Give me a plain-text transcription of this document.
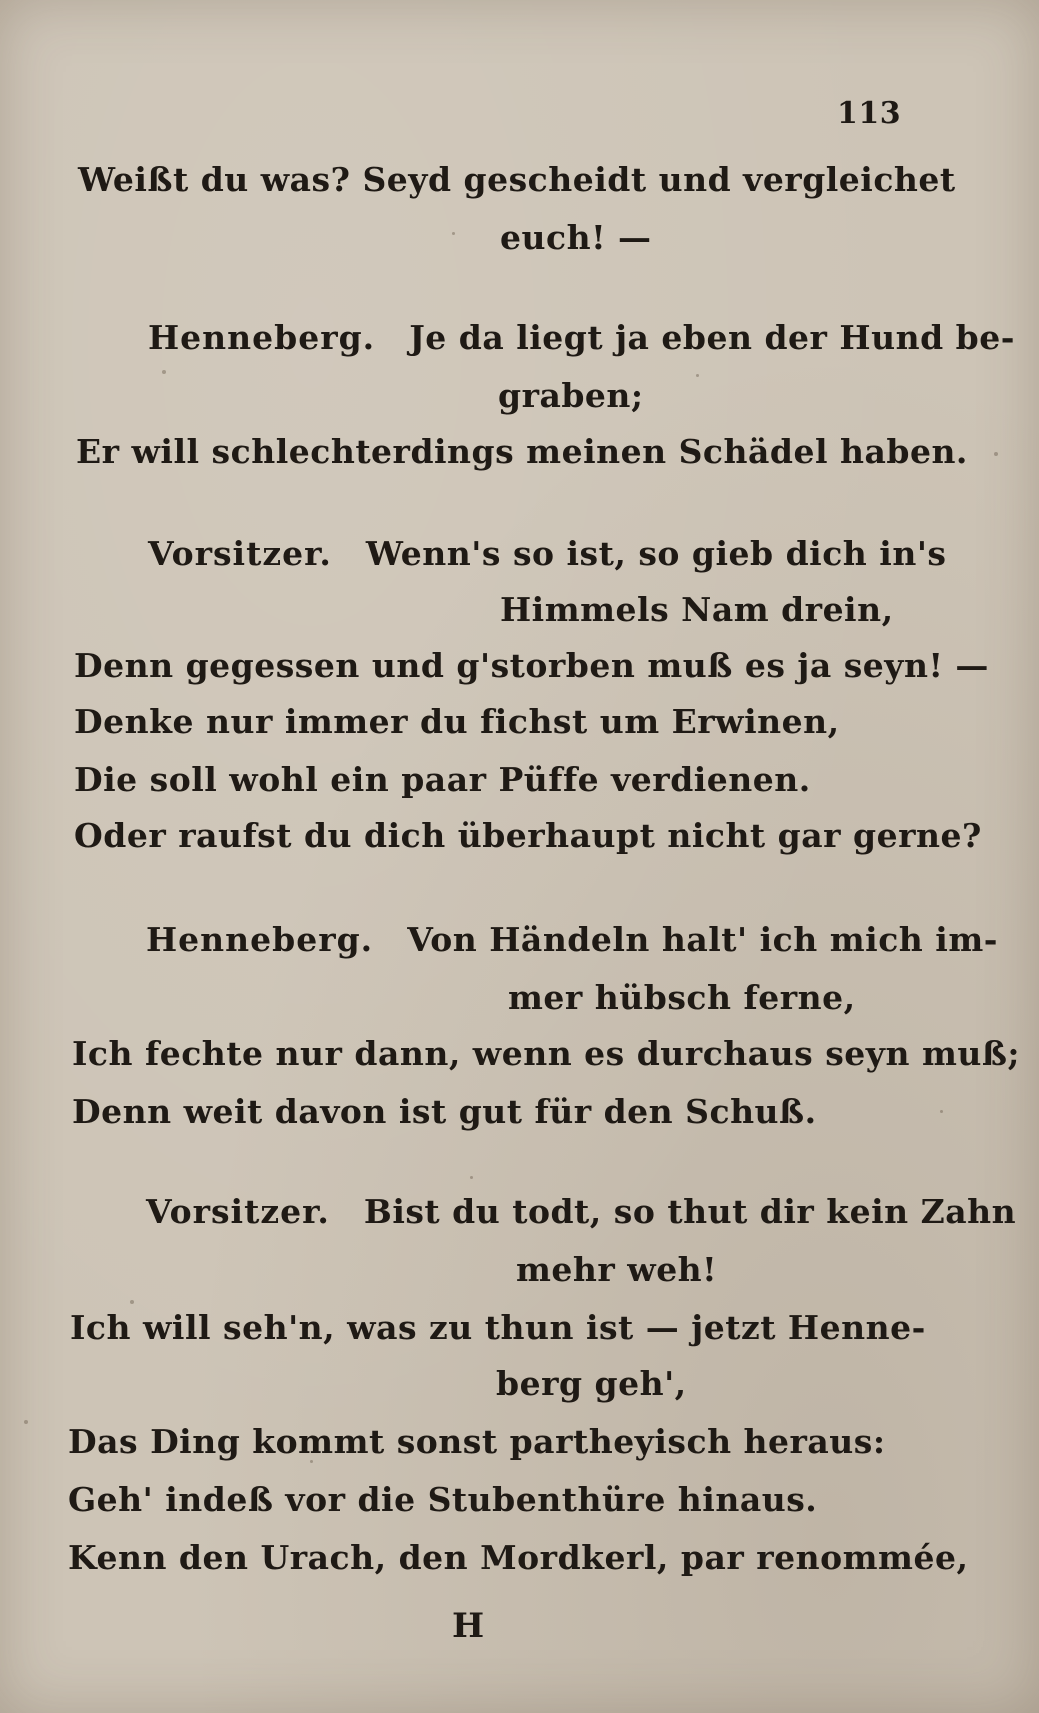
113
Weißt du was? Seyd gescheidt und vergleichet
euch! —
Henneberg. Je da liegt ja eben der Hund be-
graben;
Er will schlechterdings meinen Schädel haben.
Vorsitzer. Wenn's so ist, so gieb dich in's
Himmels Nam drein,
Denn gegessen und g'storben muß es ja seyn! —
Denke nur immer du fichst um Erwinen,
Die soll wohl ein paar Püffe verdienen.
Oder raufst du dich überhaupt nicht gar gerne?
Henneberg. Von Händeln halt' ich mich im-
mer hübsch ferne,
Ich fechte nur dann, wenn es durchaus seyn muß;
Denn weit davon ist gut für den Schuß.
Vorsitzer. Bist du todt, so thut dir kein Zahn
mehr weh!
Ich will seh'n, was zu thun ist — jetzt Henne-
berg geh',
Das Ding kommt sonst partheyisch heraus:
Geh' indeß vor die Stubenthüre hinaus.
Kenn den Urach, den Mordkerl, par renommée,
H
